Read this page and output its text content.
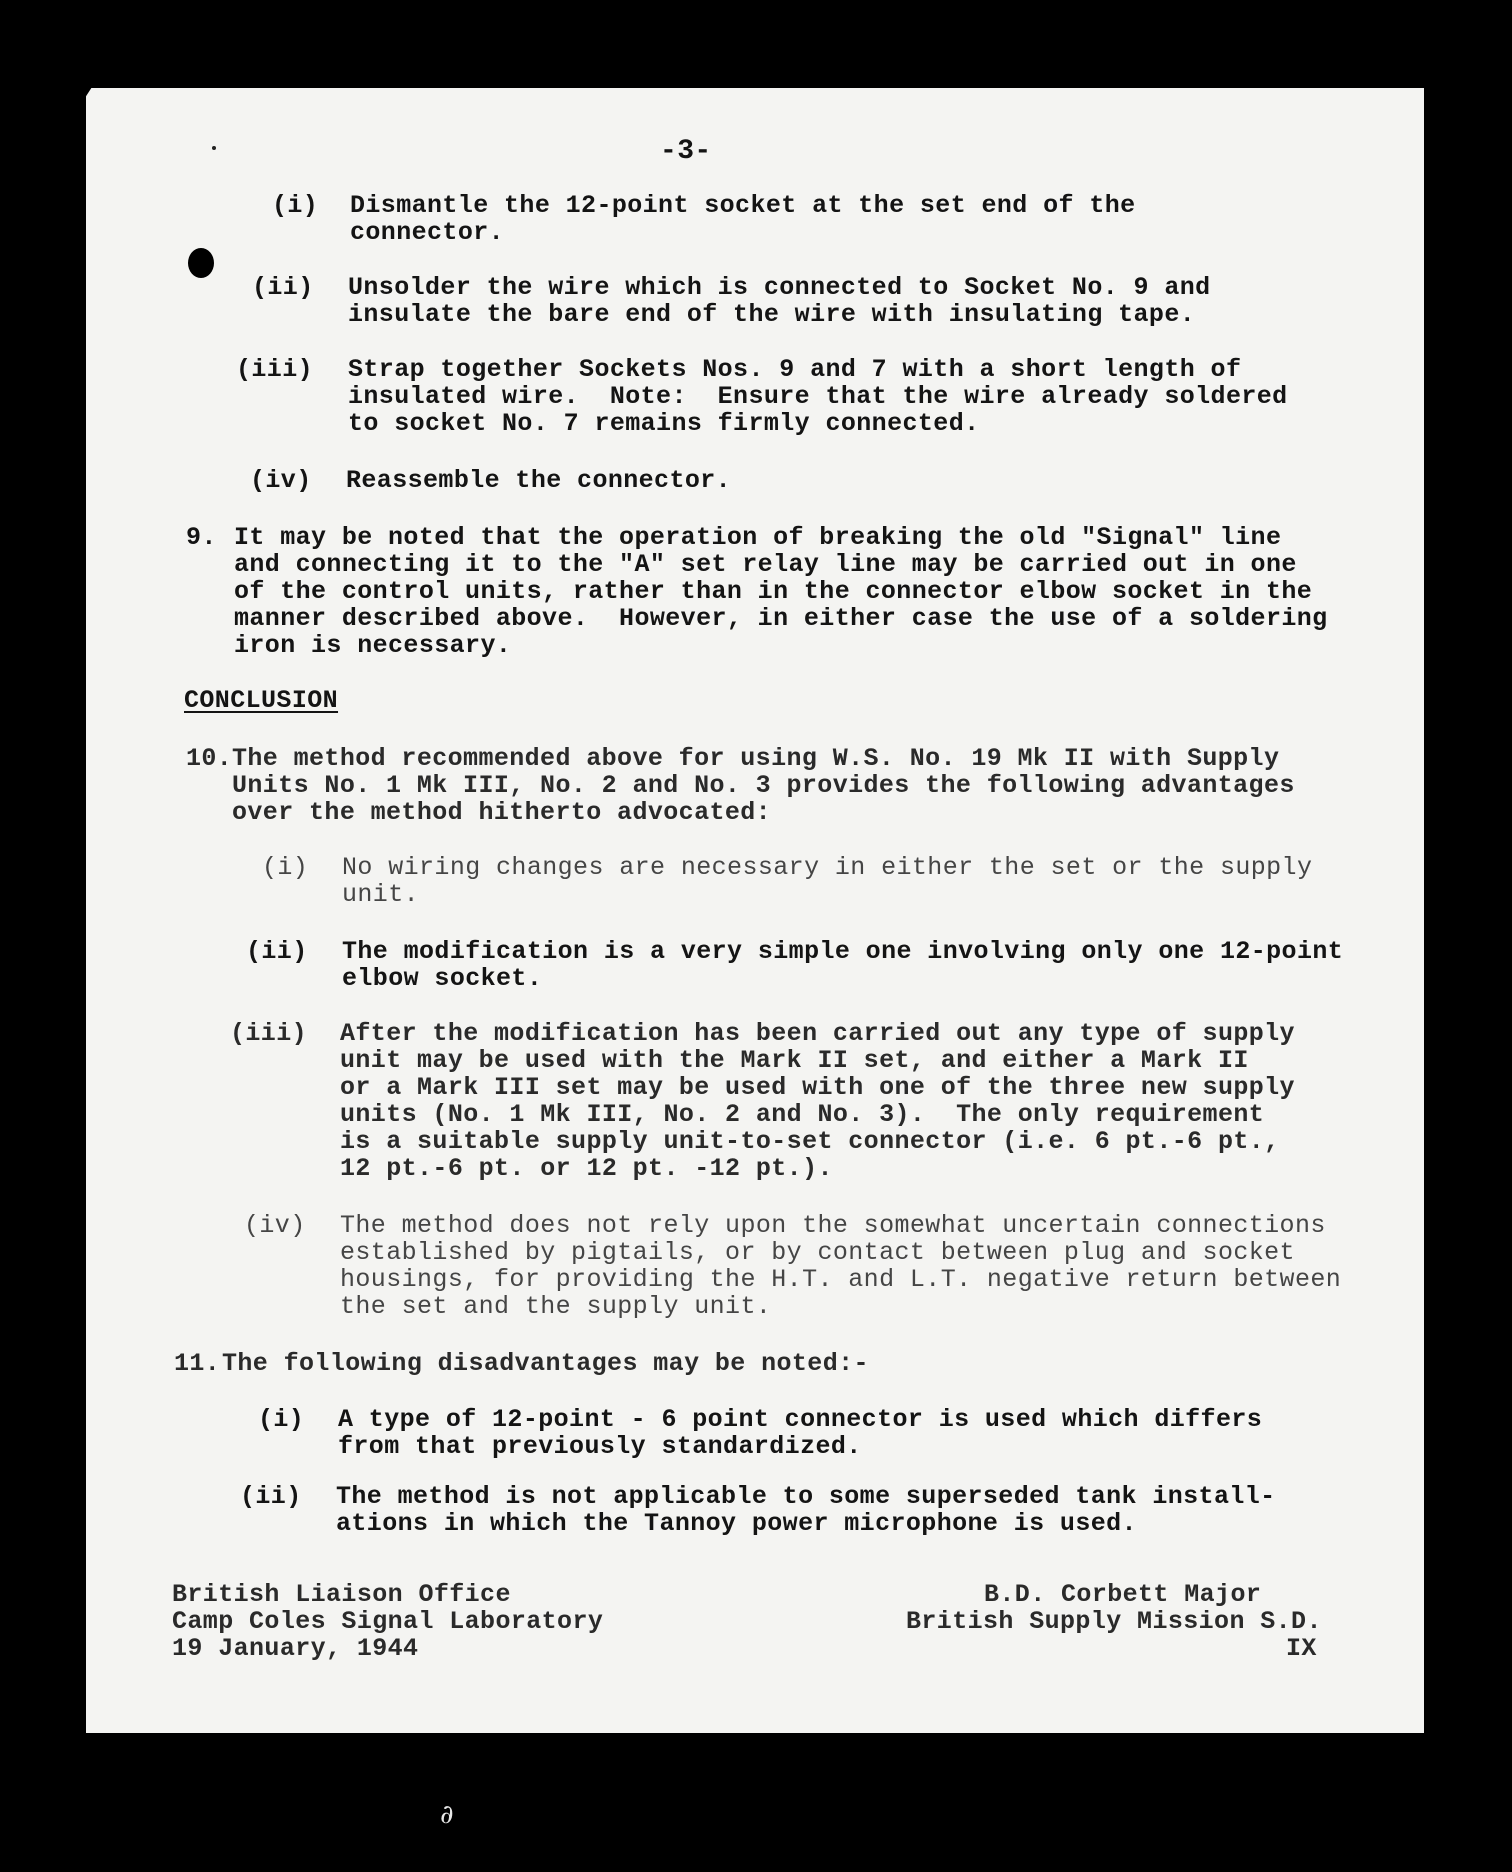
-3-
(i) Dismantle the 12-point socket at the set end of the
connector.
(ii) Unsolder the wire which is connected to Socket No. 9 and
insulate the bare end of the wire with insulating tape.
(iii) Strap together Sockets Nos. 9 and 7 with a short length of
insulated wire.  Note:  Ensure that the wire already soldered
to socket No. 7 remains firmly connected.
(iv) Reassemble the connector.
9. It may be noted that the operation of breaking the old "Signal" line
and connecting it to the "A" set relay line may be carried out in one
of the control units, rather than in the connector elbow socket in the
manner described above.  However, in either case the use of a soldering
iron is necessary.
CONCLUSION
10. The method recommended above for using W.S. No. 19 Mk II with Supply
Units No. 1 Mk III, No. 2 and No. 3 provides the following advantages
over the method hitherto advocated:
(i) No wiring changes are necessary in either the set or the supply
unit.
(ii) The modification is a very simple one involving only one 12-point
elbow socket.
(iii) After the modification has been carried out any type of supply
unit may be used with the Mark II set, and either a Mark II
or a Mark III set may be used with one of the three new supply
units (No. 1 Mk III, No. 2 and No. 3).  The only requirement
is a suitable supply unit-to-set connector (i.e. 6 pt.-6 pt.,
12 pt.-6 pt. or 12 pt. -12 pt.).
(iv) The method does not rely upon the somewhat uncertain connections
established by pigtails, or by contact between plug and socket
housings, for providing the H.T. and L.T. negative return between
the set and the supply unit.
11. The following disadvantages may be noted:-
(i) A type of 12-point - 6 point connector is used which differs
from that previously standardized.
(ii) The method is not applicable to some superseded tank install-
ations in which the Tannoy power microphone is used.
British Liaison Office
Camp Coles Signal Laboratory
19 January, 1944
B.D. Corbett Major
British Supply Mission S.D.
IX
∂
